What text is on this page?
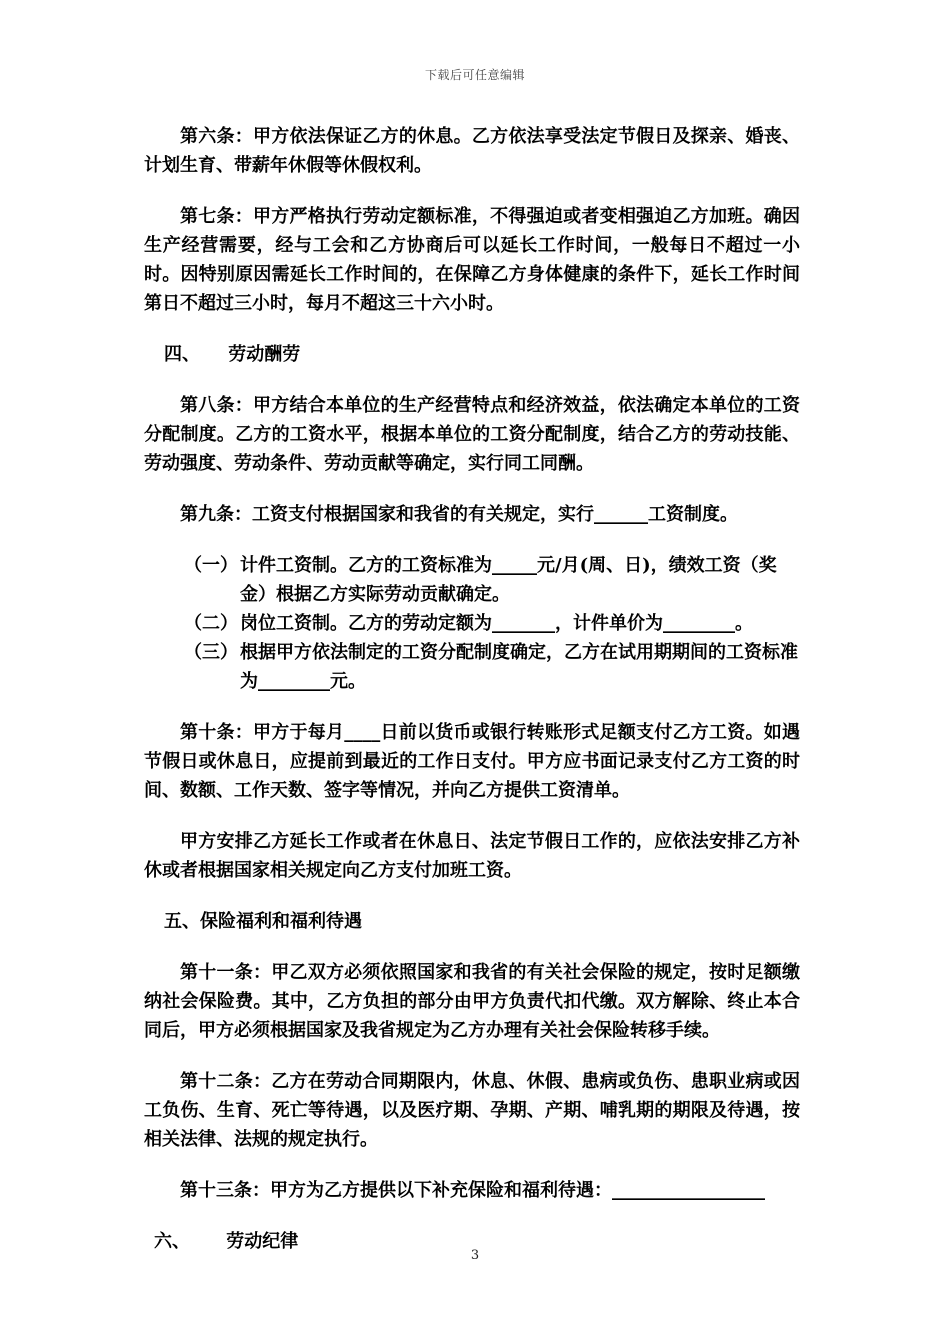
下载后可任意编辑

第六条：甲方依法保证乙方的休息。乙方依法享受法定节假日及探亲、婚丧、计划生育、带薪年休假等休假权利。

第七条：甲方严格执行劳动定额标准，不得强迫或者变相强迫乙方加班。确因生产经营需要，经与工会和乙方协商后可以延长工作时间，一般每日不超过一小时。因特别原因需延长工作时间的，在保障乙方身体健康的条件下，延长工作时间第日不超过三小时，每月不超这三十六小时。

四、 劳动酬劳

第八条：甲方结合本单位的生产经营特点和经济效益，依法确定本单位的工资分配制度。乙方的工资水平，根据本单位的工资分配制度，结合乙方的劳动技能、劳动强度、劳动条件、劳动贡献等确定，实行同工同酬。

第九条：工资支付根据国家和我省的有关规定，实行______工资制度。

（一） 计件工资制。乙方的工资标准为_____元/月(周、日)，绩效工资（奖金）根据乙方实际劳动贡献确定。
（二） 岗位工资制。乙方的劳动定额为_______，计件单价为________。
（三） 根据甲方依法制定的工资分配制度确定，乙方在试用期期间的工资标准为________元。

第十条：甲方于每月____日前以货币或银行转账形式足额支付乙方工资。如遇节假日或休息日，应提前到最近的工作日支付。甲方应书面记录支付乙方工资的时间、数额、工作天数、签字等情况，并向乙方提供工资清单。

甲方安排乙方延长工作或者在休息日、法定节假日工作的，应依法安排乙方补休或者根据国家相关规定向乙方支付加班工资。

五、保险福利和福利待遇

第十一条：甲乙双方必须依照国家和我省的有关社会保险的规定，按时足额缴纳社会保险费。其中，乙方负担的部分由甲方负责代扣代缴。双方解除、终止本合同后，甲方必须根据国家及我省规定为乙方办理有关社会保险转移手续。

第十二条：乙方在劳动合同期限内，休息、休假、患病或负伤、患职业病或因工负伤、生育、死亡等待遇，以及医疗期、孕期、产期、哺乳期的期限及待遇，按相关法律、法规的规定执行。

第十三条：甲方为乙方提供以下补充保险和福利待遇：_________________

六、 劳动纪律

3
